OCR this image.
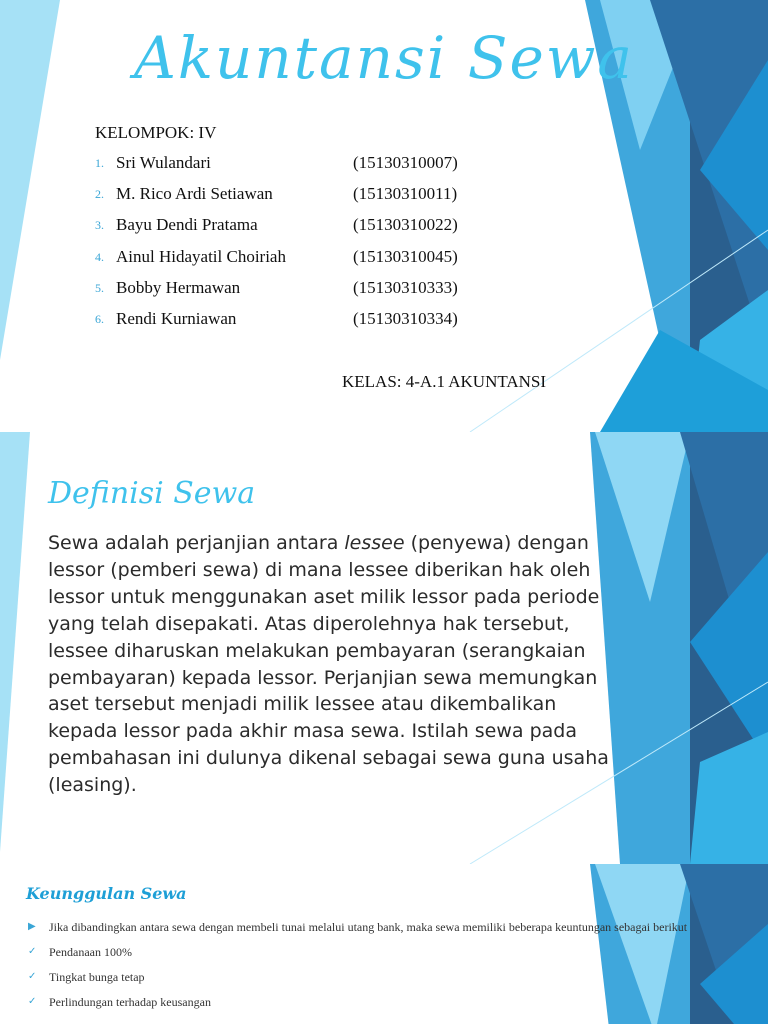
Akuntansi Sewa
KELOMPOK: IV
1. Sri Wulandari	(15130310007)
2. M. Rico Ardi Setiawan	(15130310011)
3. Bayu Dendi Pratama	(15130310022)
4. Ainul Hidayatil Choiriah	(15130310045)
5. Bobby Hermawan	(15130310333)
6. Rendi Kurniawan	(15130310334)
KELAS: 4-A.1 AKUNTANSI
Definisi Sewa

Sewa adalah perjanjian antara lessee (penyewa) dengan lessor (pemberi sewa) di mana lessee diberikan hak oleh lessor untuk menggunakan aset milik lessor pada periode yang telah disepakati. Atas diperolehnya hak tersebut, lessee diharuskan melakukan pembayaran (serangkaian pembayaran) kepada lessor. Perjanjian sewa memungkan aset tersebut menjadi milik lessee atau dikembalikan kepada lessor pada akhir masa sewa. Istilah sewa pada pembahasan ini dulunya dikenal sebagai sewa guna usaha (leasing).

Keunggulan Sewa
▶ Jika dibandingkan antara sewa dengan membeli tunai melalui utang bank, maka sewa memiliki beberapa keuntungan sebagai berikut
✓ Pendanaan 100%
✓ Tingkat bunga tetap
✓ Perlindungan terhadap keusangan
